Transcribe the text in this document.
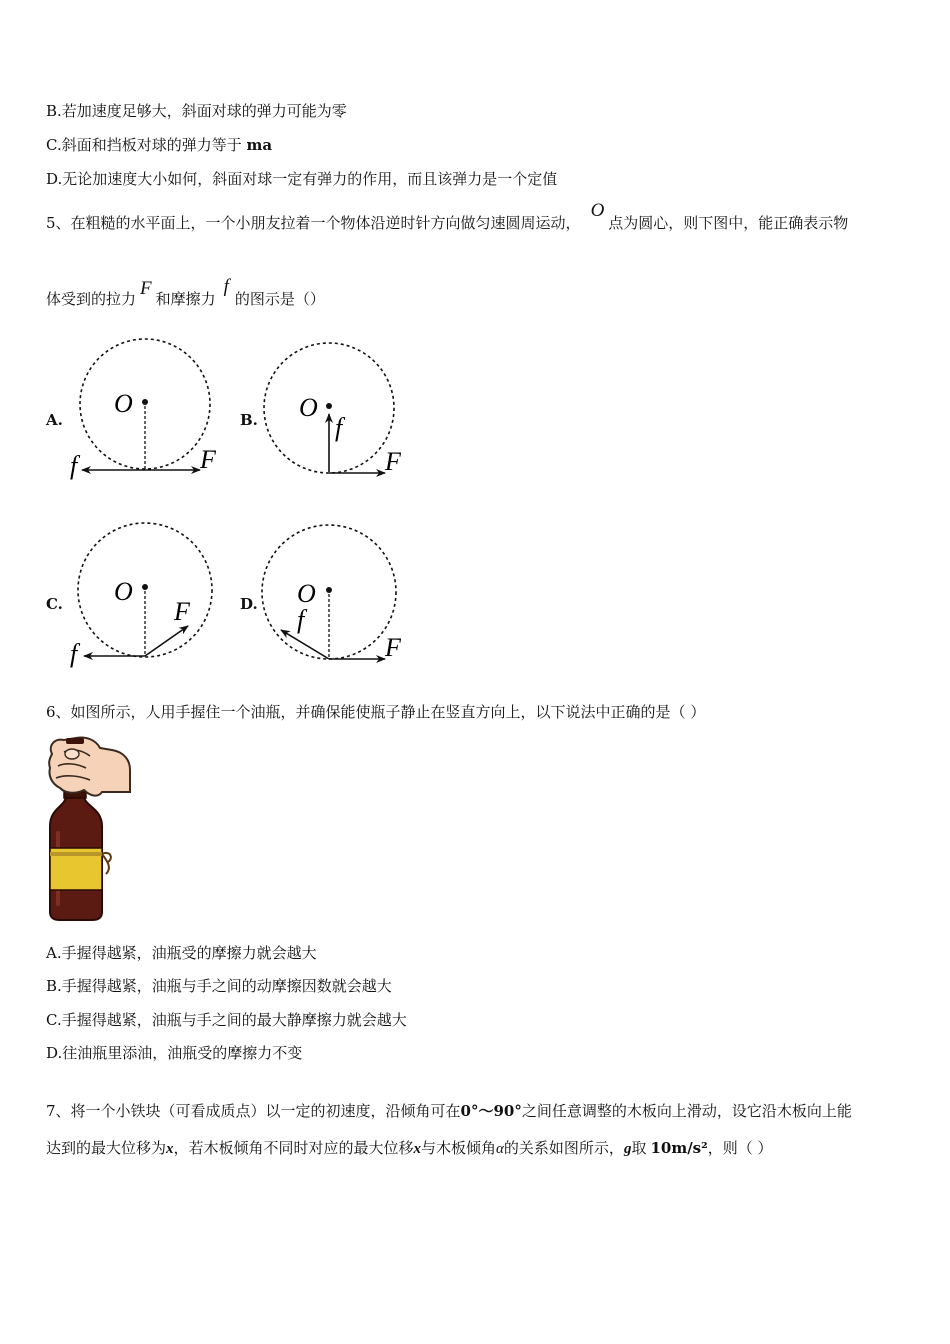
B.若加速度足够大，斜面对球的弹力可能为零
C.斜面和挡板对球的弹力等于 ma
D.无论加速度大小如何，斜面对球一定有弹力的作用，而且该弹力是一个定值
5、在粗糙的水平面上，一个小朋友拉着一个物体沿逆时针方向做匀速圆周运动，O点为圆心，则下图中，能正确表示物
体受到的拉力 F 和摩擦力f的图示是（）
A.	B.
C.	D.
O
F
f
O
f
F
O
F
f
O
f
F
6、如图所示，人用手握住一个油瓶，并确保能使瓶子静止在竖直方向上，以下说法中正确的是（ ）
A.手握得越紧，油瓶受的摩擦力就会越大
B.手握得越紧，油瓶与手之间的动摩擦因数就会越大
C.手握得越紧，油瓶与手之间的最大静摩擦力就会越大
D.往油瓶里添油，油瓶受的摩擦力不变
7、将一个小铁块（可看成质点）以一定的初速度，沿倾角可在0°～90°之间任意调整的木板向上滑动，设它沿木板向上能
达到的最大位移为x，若木板倾角不同时对应的最大位移x与木板倾角α的关系如图所示，g取 10m/s²，则（ ）
